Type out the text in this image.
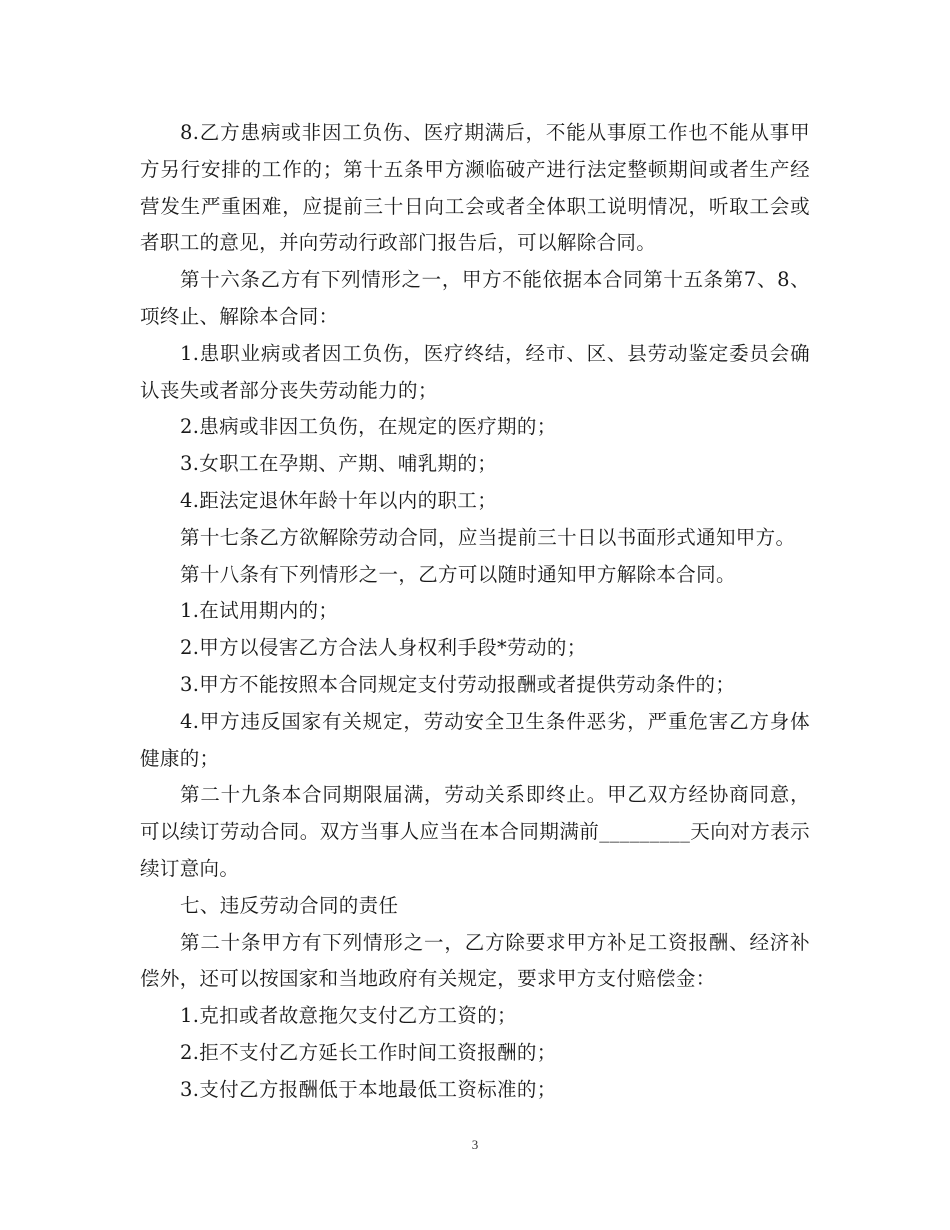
8.乙方患病或非因工负伤、医疗期满后，不能从事原工作也不能从事甲方另行安排的工作的；第十五条甲方濒临破产进行法定整顿期间或者生产经营发生严重困难，应提前三十日向工会或者全体职工说明情况，听取工会或者职工的意见，并向劳动行政部门报告后，可以解除合同。

第十六条乙方有下列情形之一，甲方不能依据本合同第十五条第7、8、项终止、解除本合同：

1.患职业病或者因工负伤，医疗终结，经市、区、县劳动鉴定委员会确认丧失或者部分丧失劳动能力的；

2.患病或非因工负伤，在规定的医疗期的；

3.女职工在孕期、产期、哺乳期的；

4.距法定退休年龄十年以内的职工；

第十七条乙方欲解除劳动合同，应当提前三十日以书面形式通知甲方。

第十八条有下列情形之一，乙方可以随时通知甲方解除本合同。

1.在试用期内的；

2.甲方以侵害乙方合法人身权利手段*劳动的；

3.甲方不能按照本合同规定支付劳动报酬或者提供劳动条件的；

4.甲方违反国家有关规定，劳动安全卫生条件恶劣，严重危害乙方身体健康的；

第二十九条本合同期限届满，劳动关系即终止。甲乙双方经协商同意，可以续订劳动合同。双方当事人应当在本合同期满前_________天向对方表示续订意向。

七、违反劳动合同的责任

第二十条甲方有下列情形之一，乙方除要求甲方补足工资报酬、经济补偿外，还可以按国家和当地政府有关规定，要求甲方支付赔偿金：

1.克扣或者故意拖欠支付乙方工资的；

2.拒不支付乙方延长工作时间工资报酬的；

3.支付乙方报酬低于本地最低工资标准的；

3
